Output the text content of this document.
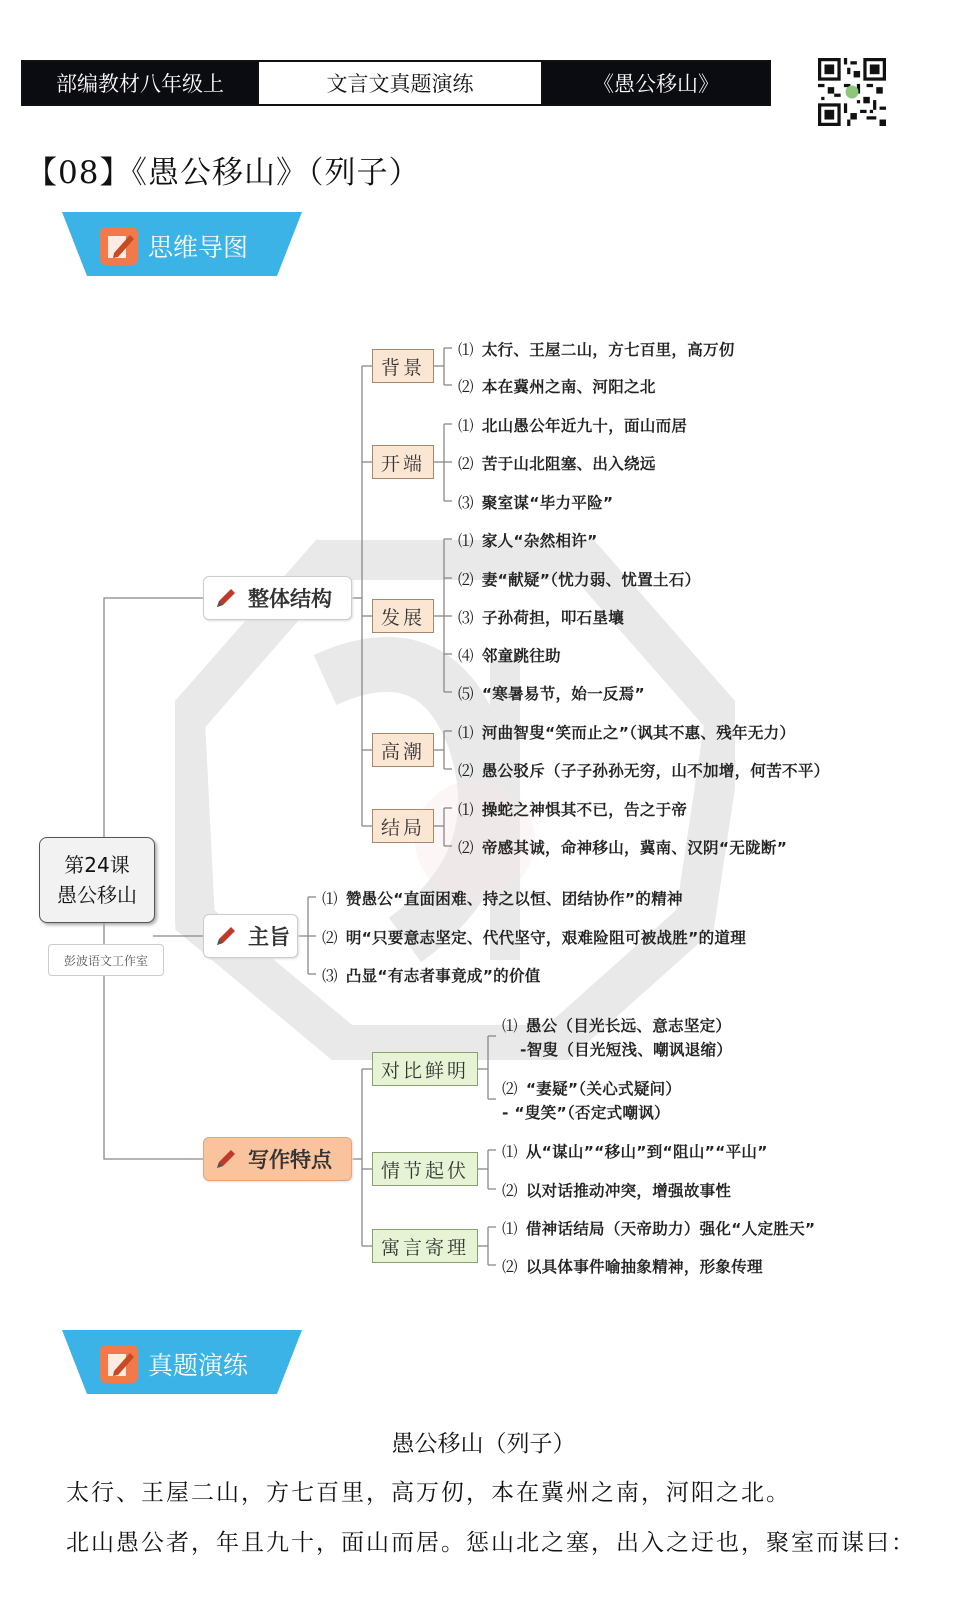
部编教材八年级上	文言文真题演练	《愚公移山》
【08】《愚公移山》（列子）
思维导图
第24课
愚公移山
彭波语文工作室
整体结构
主旨
写作特点
背景
开端
发展
高潮
结局
对比鲜明
情节起伏
寓言寄理
⑴ 太行、王屋二山，方七百里，高万仞
⑵ 本在冀州之南、河阳之北
⑴ 北山愚公年近九十，面山而居
⑵ 苦于山北阻塞、出入绕远
⑶ 聚室谋“毕力平险”
⑴ 家人“杂然相许”
⑵ 妻“献疑”（忧力弱、忧置土石）
⑶ 子孙荷担，叩石垦壤
⑷ 邻童跳往助
⑸ “寒暑易节，始一反焉”
⑴ 河曲智叟“笑而止之”（讽其不惠、残年无力）
⑵ 愚公驳斥（子子孙孙无穷，山不加增，何苦不平）
⑴ 操蛇之神惧其不已，告之于帝
⑵ 帝感其诚，命神移山，冀南、汉阴“无陇断”
⑴ 赞愚公“直面困难、持之以恒、团结协作”的精神
⑵ 明“只要意志坚定、代代坚守，艰难险阻可被战胜”的道理
⑶ 凸显“有志者事竟成”的价值
⑴ 愚公（目光长远、意志坚定）
-智叟（目光短浅、嘲讽退缩）
⑵ “妻疑”（关心式疑问）
- “叟笑”（否定式嘲讽）
⑴ 从“谋山”“移山”到“阻山”“平山”
⑵ 以对话推动冲突，增强故事性
⑴ 借神话结局（天帝助力）强化“人定胜天”
⑵ 以具体事件喻抽象精神，形象传理
真题演练
愚公移山（列子）
太行、王屋二山，方七百里，高万仞，本在冀州之南，河阳之北。
北山愚公者，年且九十，面山而居。惩山北之塞，出入之迂也，聚室而谋曰：
